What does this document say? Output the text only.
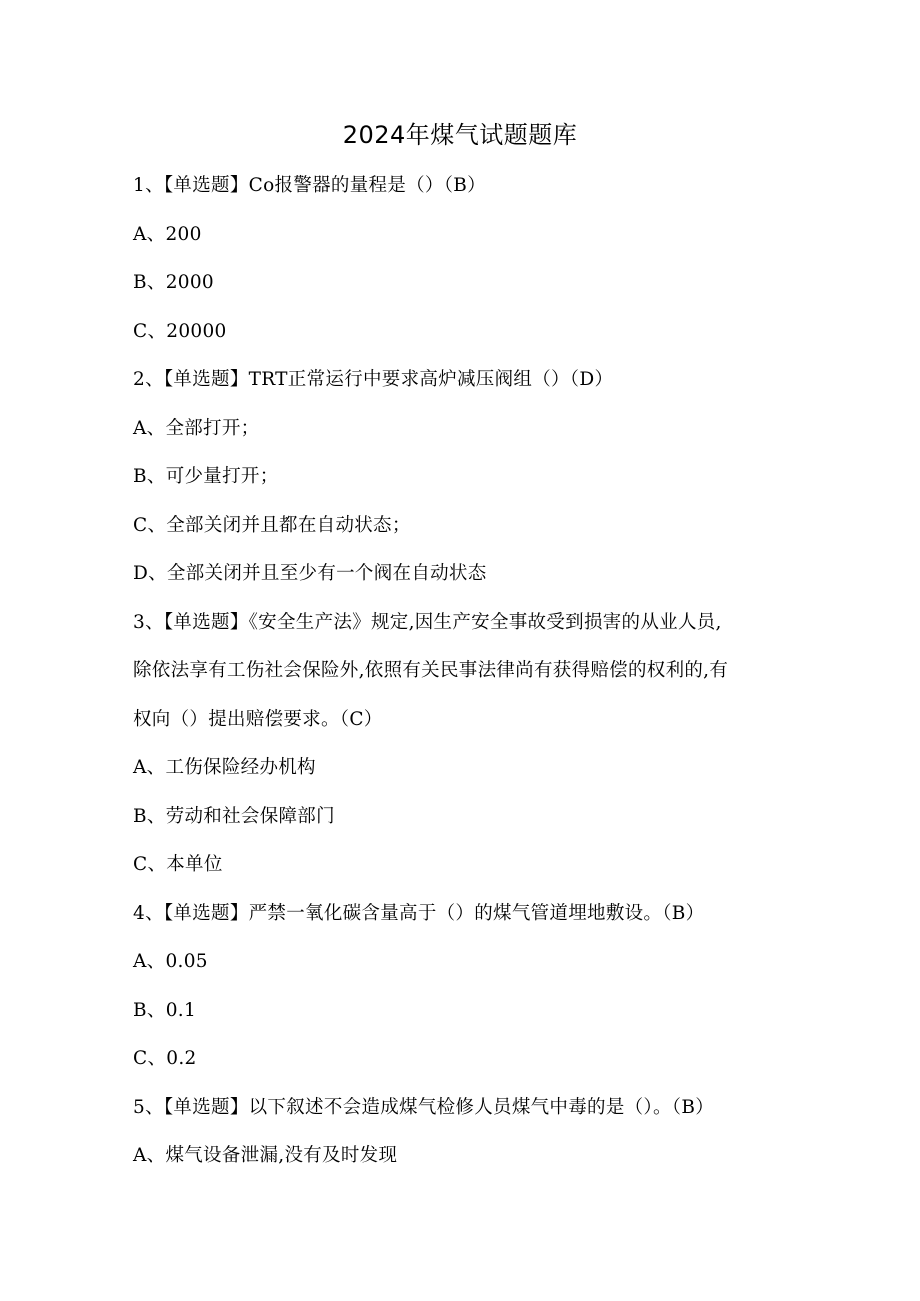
2024年煤气试题题库
1、【单选题】Co报警器的量程是（）（B）
A、200
B、2000
C、20000
2、【单选题】TRT正常运行中要求高炉减压阀组（）（D）
A、全部打开；
B、可少量打开；
C、全部关闭并且都在自动状态；
D、全部关闭并且至少有一个阀在自动状态
3、【单选题】《安全生产法》规定,因生产安全事故受到损害的从业人员,
除依法享有工伤社会保险外,依照有关民事法律尚有获得赔偿的权利的,有
权向（）提出赔偿要求。（C）
A、工伤保险经办机构
B、劳动和社会保障部门
C、本单位
4、【单选题】严禁一氧化碳含量高于（）的煤气管道埋地敷设。（B）
A、0.05
B、0.1
C、0.2
5、【单选题】以下叙述不会造成煤气检修人员煤气中毒的是（）。（B）
A、煤气设备泄漏,没有及时发现
